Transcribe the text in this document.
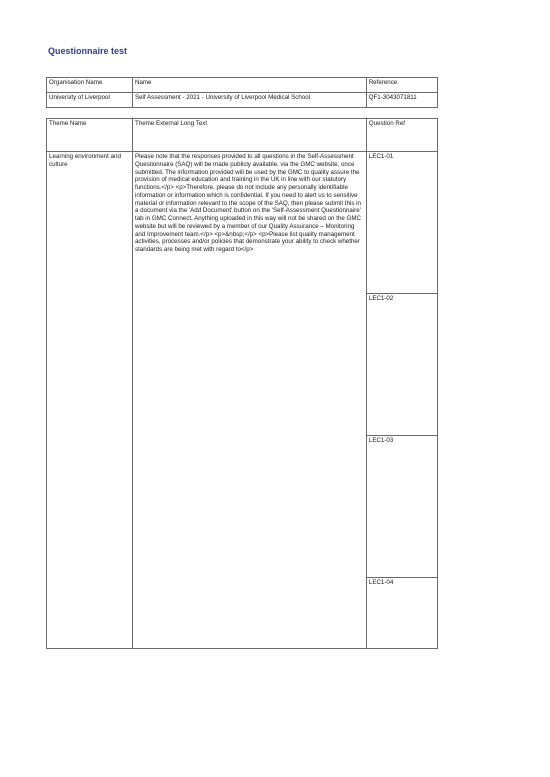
Questionnaire test
Organisation Name	Name	Reference
University of Liverpool	Self Assessment - 2021 - University of Liverpool Medical School	QF1-3043071811
Theme Name	Theme External Long Text	Question Ref
Learning environment and culture	Please note that the responses provided to all questions in the Self-Assessment Questionnaire (SAQ) will be made publicly available, via the GMC website, once submitted. The information provided will be used by the GMC to quality assure the provision of medical education and training in the UK in line with our statutory functions.</p> <p>Therefore, please do not include any personally identifiable information or information which is confidential. If you need to alert us to sensitive material or information relevant to the scope of the SAQ, then please submit this in a document via the 'Add Document' button on the 'Self-Assessment Questionnaire' tab in GMC Connect. Anything uploaded in this way will not be shared on the GMC website but will be reviewed by a member of our Quality Assurance – Monitoring and Improvement team.</p> <p>&nbsp;</p> <p>Please list quality management activities, processes and/or policies that demonstrate your ability to check whether standards are being met with regard to</p>	LEC1-01
		LEC1-02
		LEC1-03
		LEC1-04
